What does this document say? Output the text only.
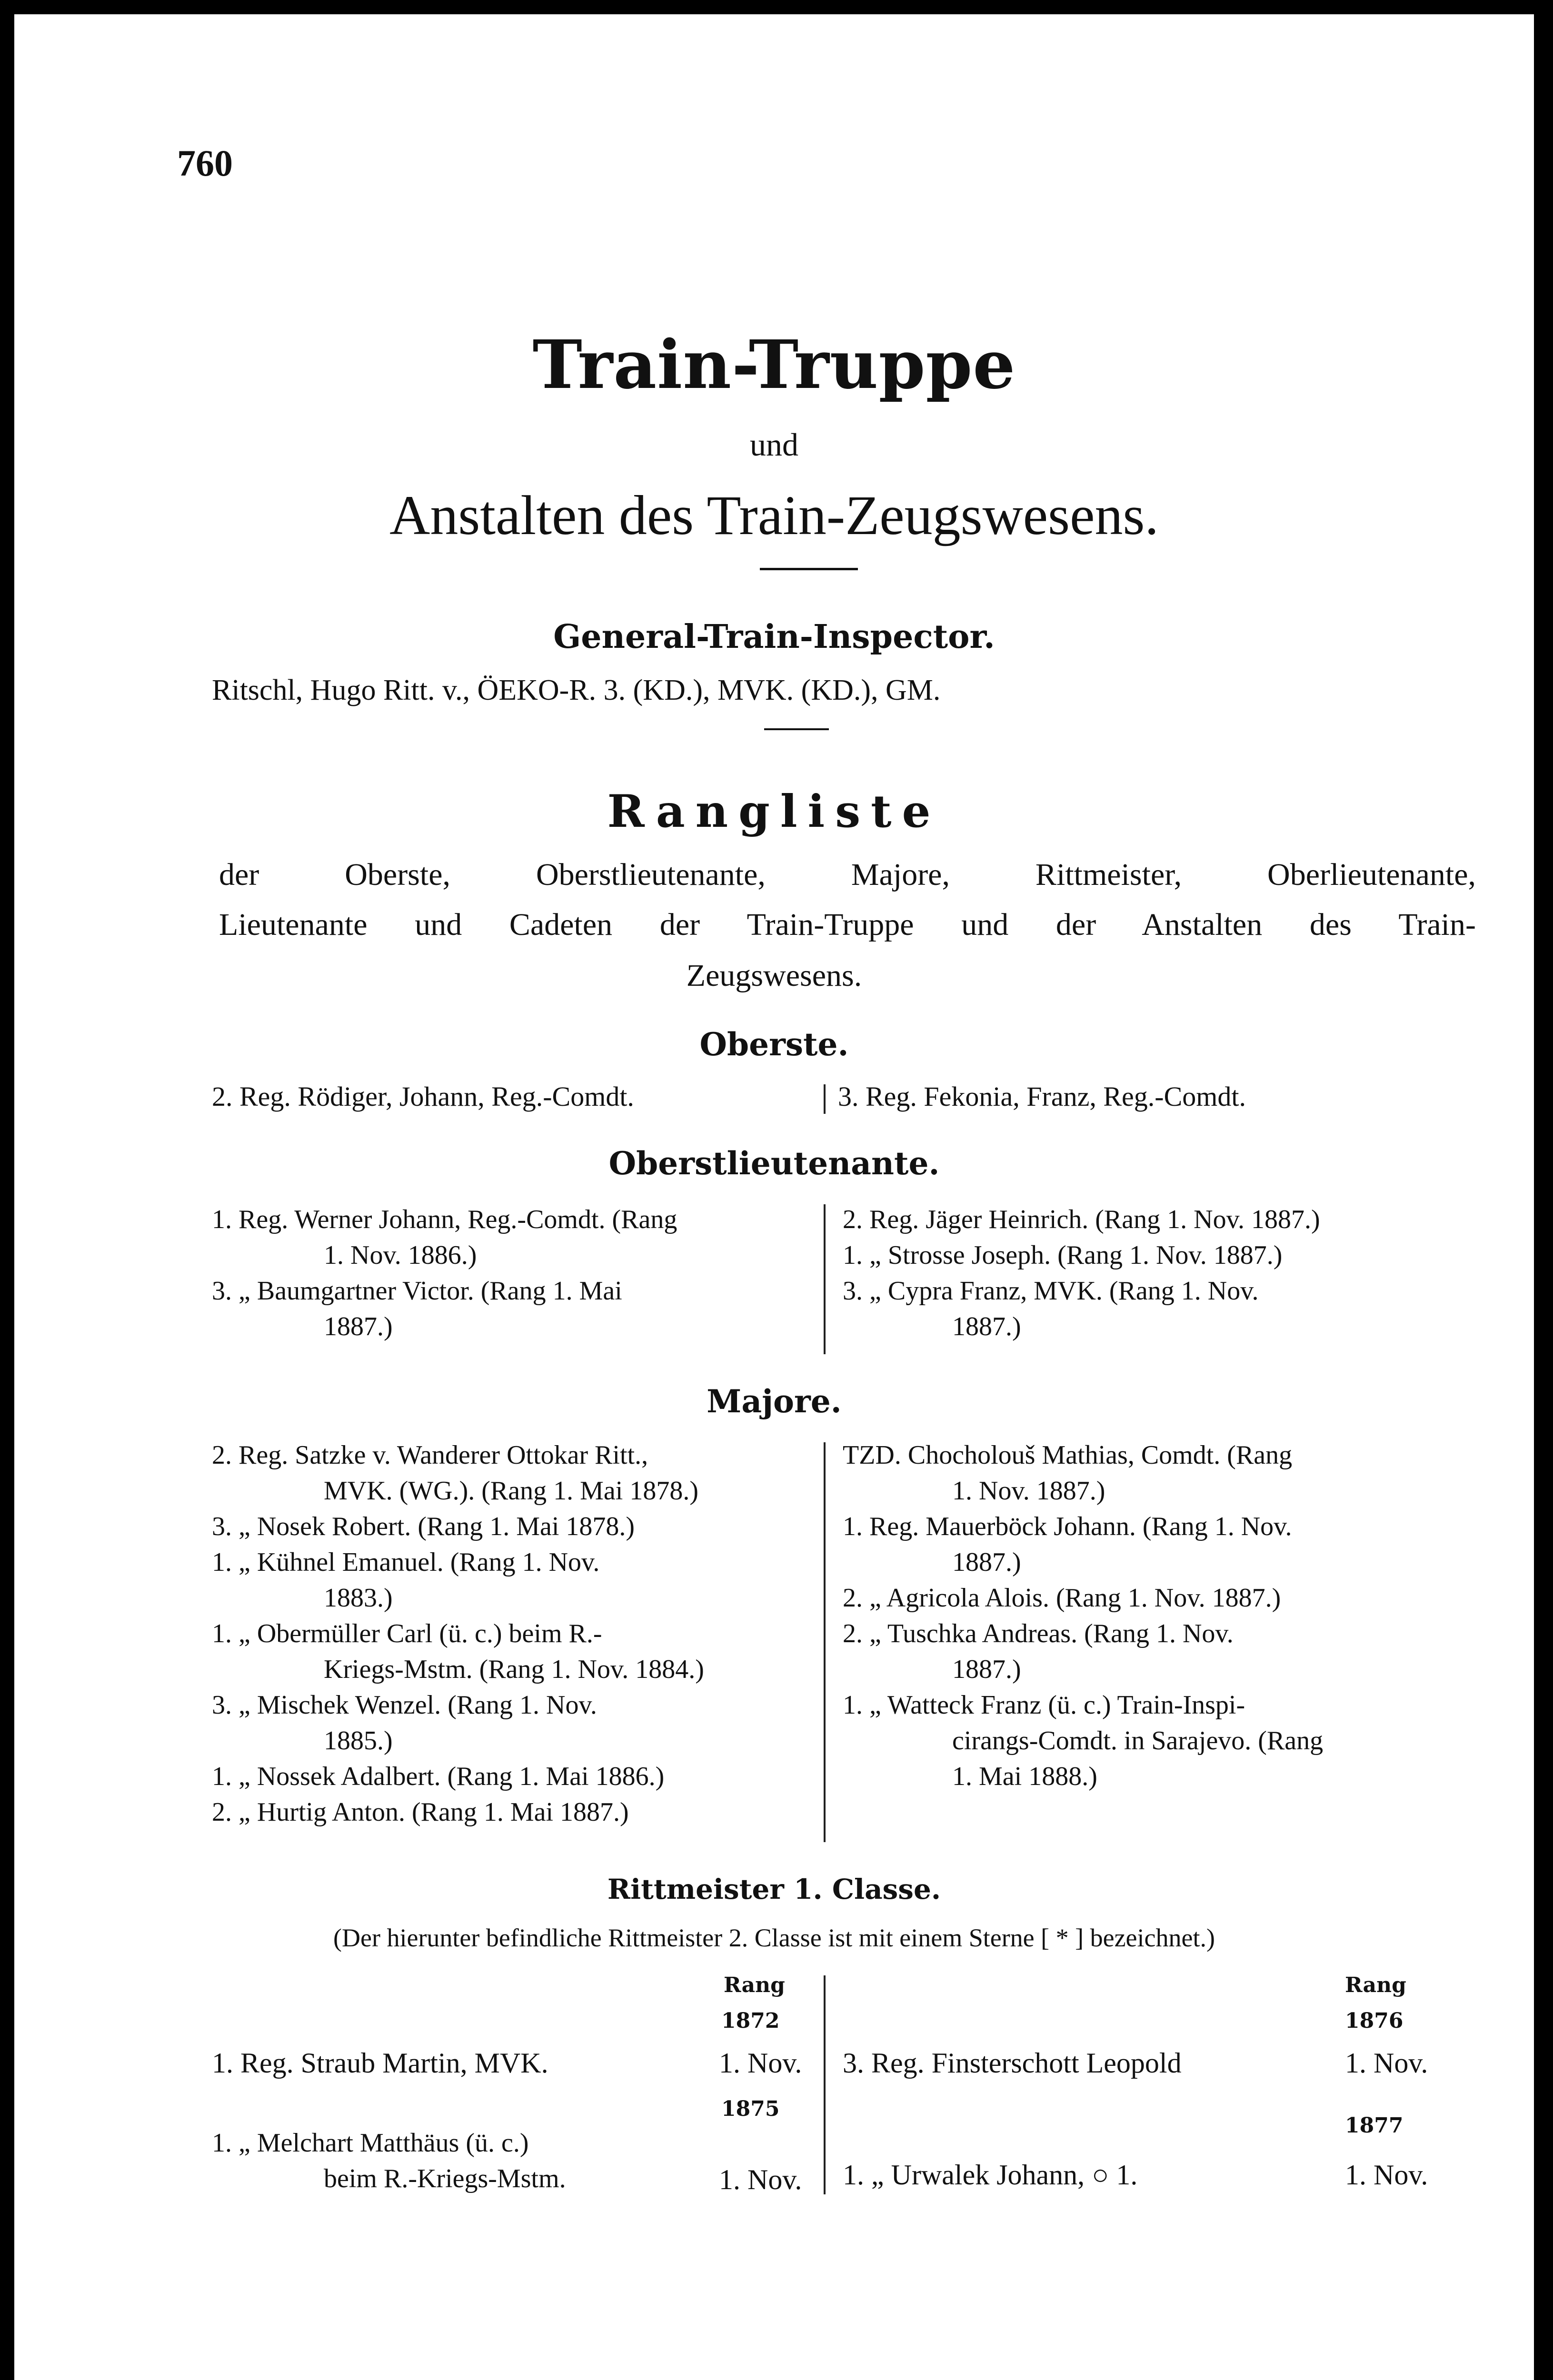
760
Train-Truppe
und
Anstalten des Train-Zeugswesens.
General-Train-Inspector.
Ritschl, Hugo Ritt. v., ÖEKO-R. 3. (KD.), MVK. (KD.), GM.
Rangliste
der Oberste, Oberstlieutenante, Majore, Rittmeister, Oberlieutenante,
Lieutenante und Cadeten der Train-Truppe und der Anstalten des Train-
Zeugswesens.
Oberste.
2. Reg. Rödiger, Johann, Reg.-Comdt.	3. Reg. Fekonia, Franz, Reg.-Comdt.
Oberstlieutenante.
1. Reg. Werner Johann, Reg.-Comdt. (Rang
1. Nov. 1886.)
3. „ Baumgartner Victor. (Rang 1. Mai
1887.)
2. Reg. Jäger Heinrich. (Rang 1. Nov. 1887.)
1. „ Strosse Joseph. (Rang 1. Nov. 1887.)
3. „ Cypra Franz, MVK. (Rang 1. Nov.
1887.)
Majore.
2. Reg. Satzke v. Wanderer Ottokar Ritt.,
MVK. (WG.). (Rang 1. Mai 1878.)
3. „ Nosek Robert. (Rang 1. Mai 1878.)
1. „ Kühnel Emanuel. (Rang 1. Nov.
1883.)
1. „ Obermüller Carl (ü. c.) beim R.-
Kriegs-Mstm. (Rang 1. Nov. 1884.)
3. „ Mischek Wenzel. (Rang 1. Nov.
1885.)
1. „ Nossek Adalbert. (Rang 1. Mai 1886.)
2. „ Hurtig Anton. (Rang 1. Mai 1887.)
TZD. Chocholouš Mathias, Comdt. (Rang
1. Nov. 1887.)
1. Reg. Mauerböck Johann. (Rang 1. Nov.
1887.)
2. „ Agricola Alois. (Rang 1. Nov. 1887.)
2. „ Tuschka Andreas. (Rang 1. Nov.
1887.)
1. „ Watteck Franz (ü. c.) Train-Inspi-
cirangs-Comdt. in Sarajevo. (Rang
1. Mai 1888.)
Rittmeister 1. Classe.
(Der hierunter befindliche Rittmeister 2. Classe ist mit einem Sterne [ * ] bezeichnet.)
Rang
1872
1. Reg. Straub Martin, MVK.	1. Nov.
1875
1. „ Melchart Matthäus (ü. c.)
beim R.-Kriegs-Mstm.	1. Nov.
Rang
1876
3. Reg. Finsterschott Leopold	1. Nov.
1877
1. „ Urwalek Johann, ○ 1.	1. Nov.
